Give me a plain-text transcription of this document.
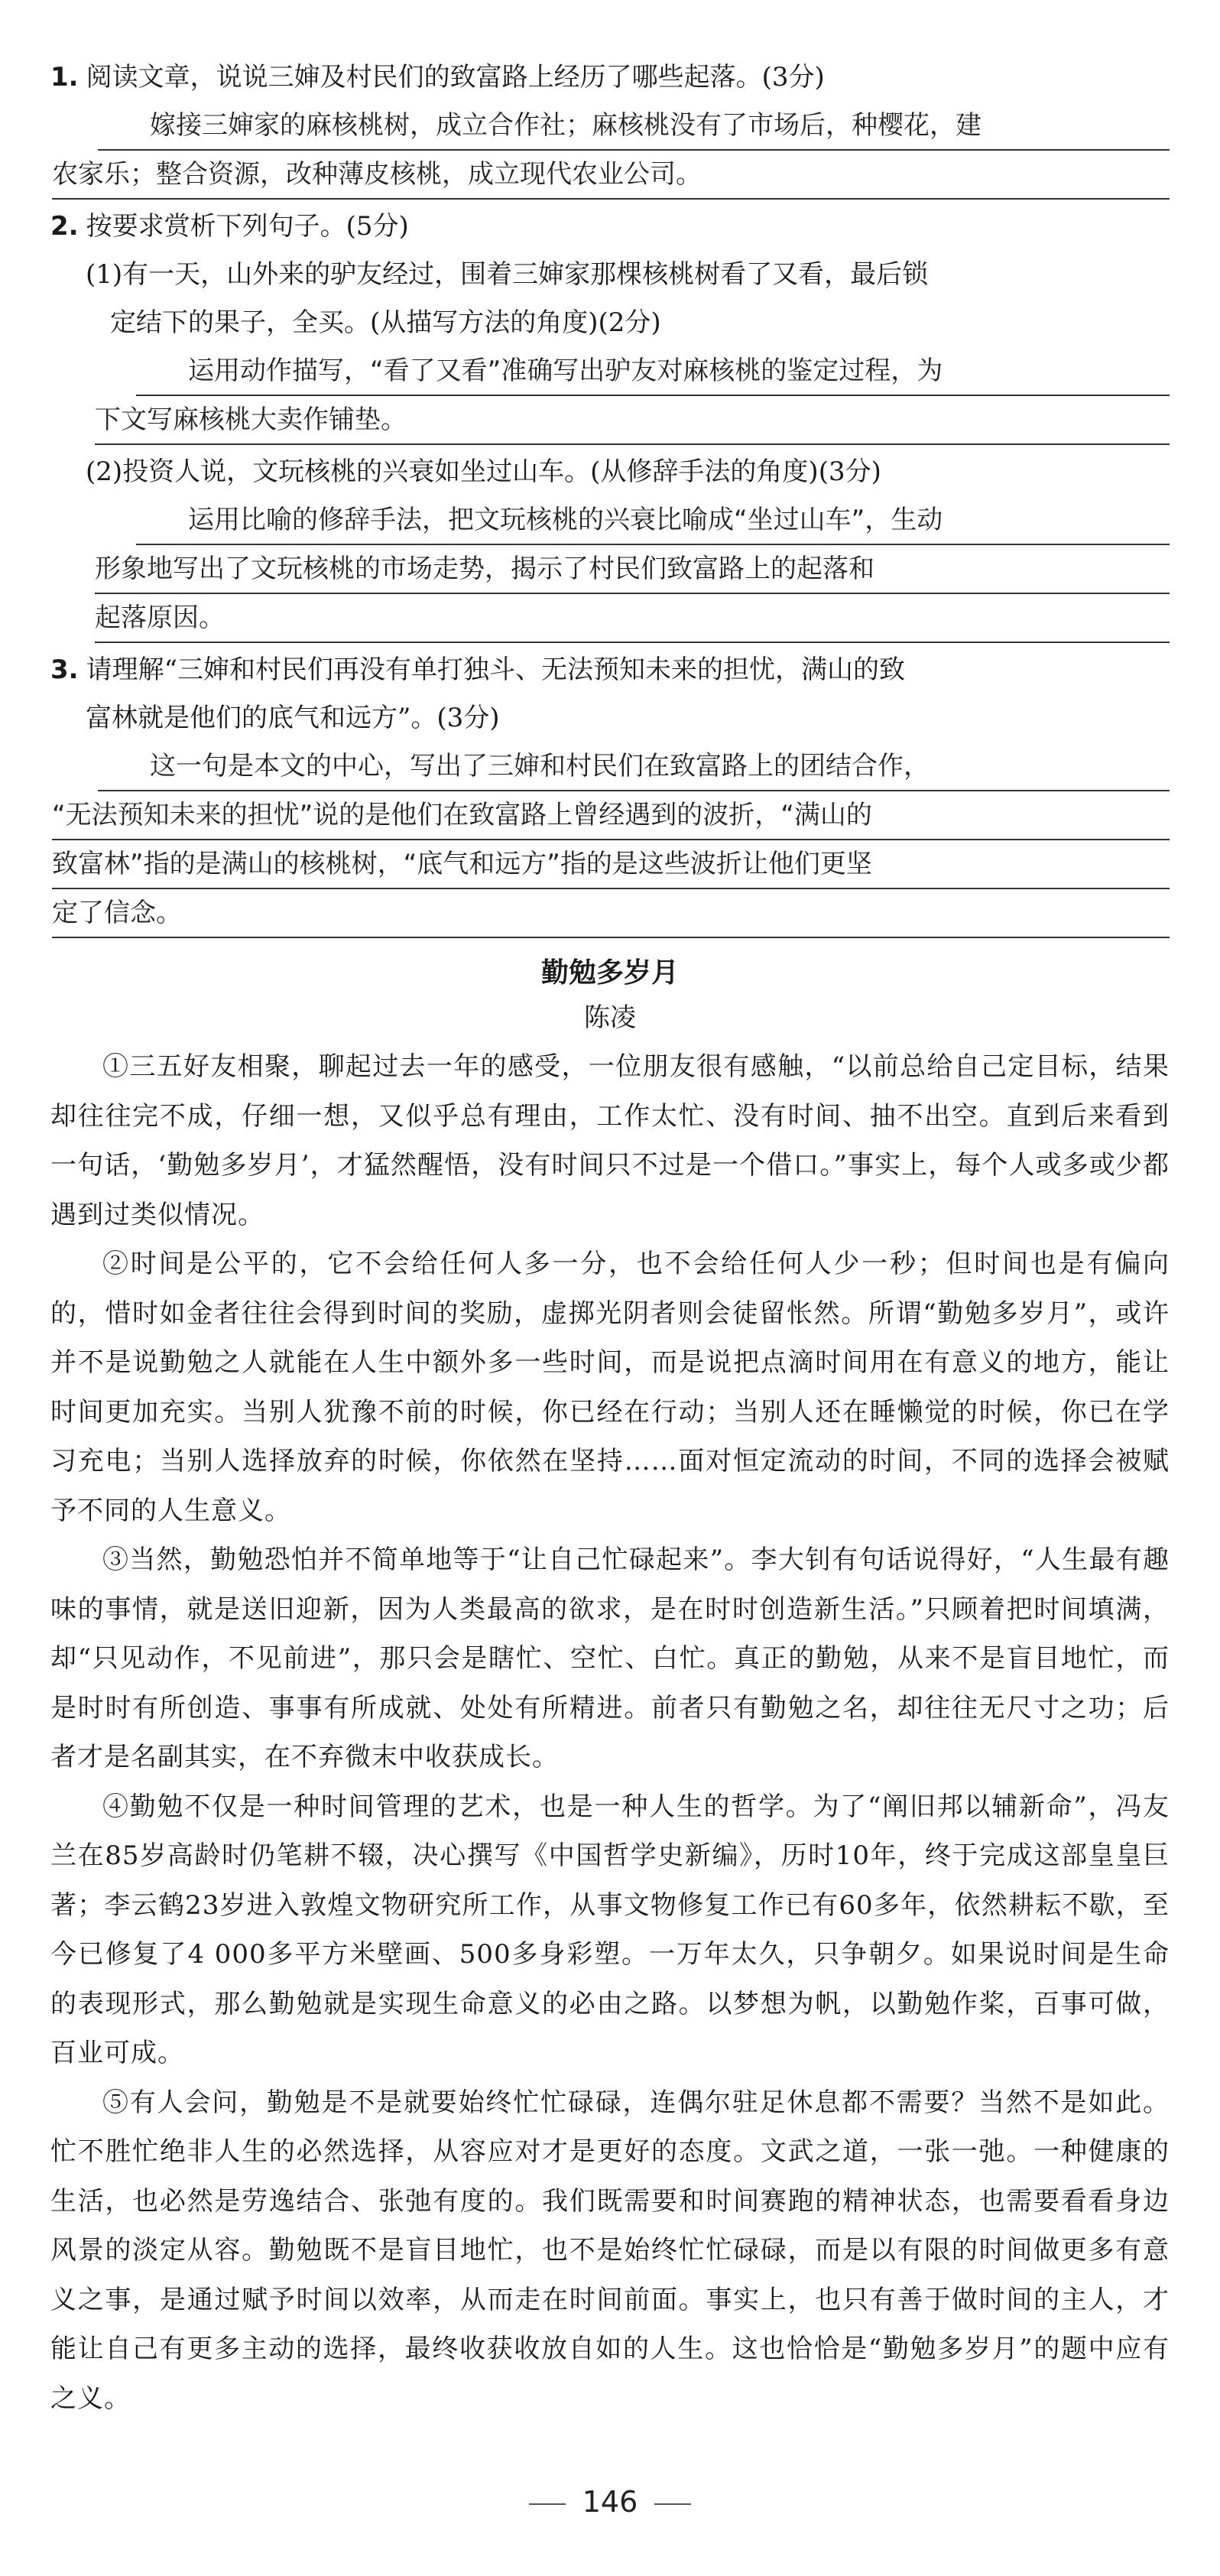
1. 阅读文章，说说三婶及村民们的致富路上经历了哪些起落。(3分)
嫁接三婶家的麻核桃树，成立合作社；麻核桃没有了市场后，种樱花，建
农家乐；整合资源，改种薄皮核桃，成立现代农业公司。
2. 按要求赏析下列句子。(5分)
(1)有一天，山外来的驴友经过，围着三婶家那棵核桃树看了又看，最后锁
定结下的果子，全买。(从描写方法的角度)(2分)
运用动作描写，“看了又看”准确写出驴友对麻核桃的鉴定过程，为
下文写麻核桃大卖作铺垫。
(2)投资人说，文玩核桃的兴衰如坐过山车。(从修辞手法的角度)(3分)
运用比喻的修辞手法，把文玩核桃的兴衰比喻成“坐过山车”，生动
形象地写出了文玩核桃的市场走势，揭示了村民们致富路上的起落和
起落原因。
3. 请理解“三婶和村民们再没有单打独斗、无法预知未来的担忧，满山的致
富林就是他们的底气和远方”。(3分)
这一句是本文的中心，写出了三婶和村民们在致富路上的团结合作，
“无法预知未来的担忧”说的是他们在致富路上曾经遇到的波折，“满山的
致富林”指的是满山的核桃树，“底气和远方”指的是这些波折让他们更坚
定了信念。
勤勉多岁月
陈凌

①三五好友相聚，聊起过去一年的感受，一位朋友很有感触，“以前总给自己定目标，结果却往往完不成，仔细一想，又似乎总有理由，工作太忙、没有时间、抽不出空。直到后来看到一句话，‘勤勉多岁月’，才猛然醒悟，没有时间只不过是一个借口。”事实上，每个人或多或少都遇到过类似情况。

②时间是公平的，它不会给任何人多一分，也不会给任何人少一秒；但时间也是有偏向的，惜时如金者往往会得到时间的奖励，虚掷光阴者则会徒留怅然。所谓“勤勉多岁月”，或许并不是说勤勉之人就能在人生中额外多一些时间，而是说把点滴时间用在有意义的地方，能让时间更加充实。当别人犹豫不前的时候，你已经在行动；当别人还在睡懒觉的时候，你已在学习充电；当别人选择放弃的时候，你依然在坚持……面对恒定流动的时间，不同的选择会被赋予不同的人生意义。

③当然，勤勉恐怕并不简单地等于“让自己忙碌起来”。李大钊有句话说得好，“人生最有趣味的事情，就是送旧迎新，因为人类最高的欲求，是在时时创造新生活。”只顾着把时间填满，却“只见动作，不见前进”，那只会是瞎忙、空忙、白忙。真正的勤勉，从来不是盲目地忙，而是时时有所创造、事事有所成就、处处有所精进。前者只有勤勉之名，却往往无尺寸之功；后者才是名副其实，在不弃微末中收获成长。

④勤勉不仅是一种时间管理的艺术，也是一种人生的哲学。为了“阐旧邦以辅新命”，冯友兰在85岁高龄时仍笔耕不辍，决心撰写《中国哲学史新编》，历时10年，终于完成这部皇皇巨著；李云鹤23岁进入敦煌文物研究所工作，从事文物修复工作已有60多年，依然耕耘不歇，至今已修复了4 000多平方米壁画、500多身彩塑。一万年太久，只争朝夕。如果说时间是生命的表现形式，那么勤勉就是实现生命意义的必由之路。以梦想为帆，以勤勉作桨，百事可做，百业可成。

⑤有人会问，勤勉是不是就要始终忙忙碌碌，连偶尔驻足休息都不需要？当然不是如此。忙不胜忙绝非人生的必然选择，从容应对才是更好的态度。文武之道，一张一弛。一种健康的生活，也必然是劳逸结合、张弛有度的。我们既需要和时间赛跑的精神状态，也需要看看身边风景的淡定从容。勤勉既不是盲目地忙，也不是始终忙忙碌碌，而是以有限的时间做更多有意义之事，是通过赋予时间以效率，从而走在时间前面。事实上，也只有善于做时间的主人，才能让自己有更多主动的选择，最终收获收放自如的人生。这也恰恰是“勤勉多岁月”的题中应有之义。

146
